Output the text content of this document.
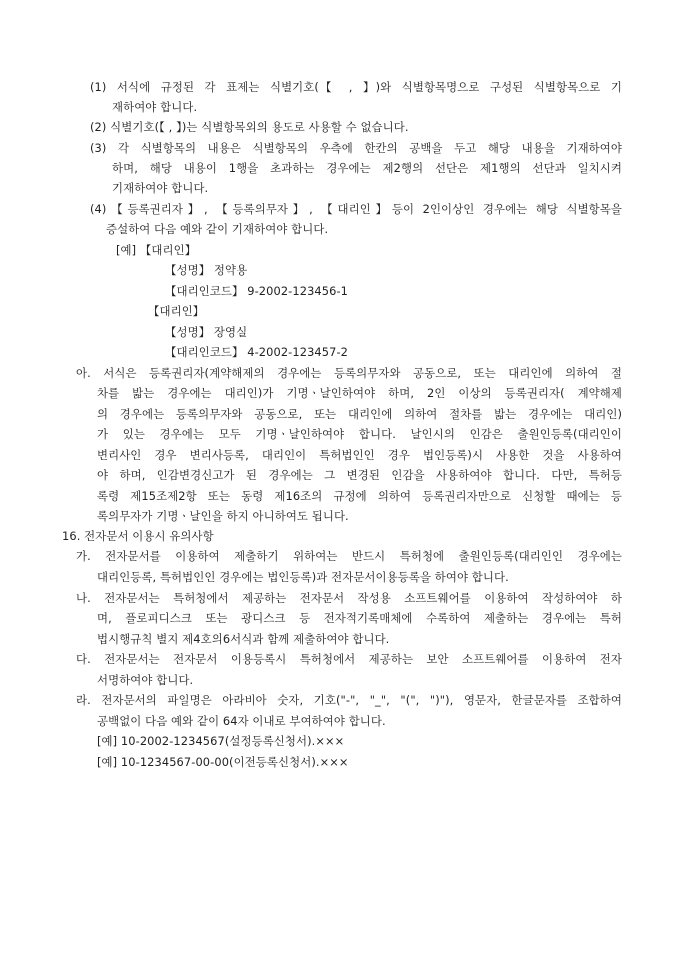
(1) 서식에 규정된 각 표제는 식별기호(【 , 】)와 식별항목명으로 구성된 식별항목으로 기
재하여야 합니다.
(2) 식별기호(【 , 】)는 식별항목외의 용도로 사용할 수 없습니다.
(3) 각 식별항목의 내용은 식별항목의 우측에 한칸의 공백을 두고 해당 내용을 기재하여야
하며, 해당 내용이 1행을 초과하는 경우에는 제2행의 선단은 제1행의 선단과 일치시켜
기재하여야 합니다.
(4)【등록권리자】, 【등록의무자】, 【대리인】등이 2인이상인 경우에는 해당 식별항목을
증설하여 다음 예와 같이 기재하여야 합니다.
[예] 【대리인】
【성명】 정약용
【대리인코드】 9-2002-123456-1
【대리인】
【성명】 장영실
【대리인코드】 4-2002-123457-2
아. 서식은 등록권리자(계약해제의 경우에는 등록의무자와 공동으로, 또는 대리인에 의하여 절
차를 밟는 경우에는 대리인)가 기명ㆍ날인하여야 하며, 2인 이상의 등록권리자( 계약해제
의 경우에는 등록의무자와 공동으로, 또는 대리인에 의하여 절차를 밟는 경우에는 대리인)
가 있는 경우에는 모두 기명ㆍ날인하여야 합니다. 날인시의 인감은 출원인등록(대리인이
변리사인 경우 변리사등록, 대리인이 특허법인인 경우 법인등록)시 사용한 것을 사용하여
야 하며, 인감변경신고가 된 경우에는 그 변경된 인감을 사용하여야 합니다. 다만, 특허등
록령 제15조제2항 또는 동령 제16조의 규정에 의하여 등록권리자만으로 신청할 때에는 등
록의무자가 기명ㆍ날인을 하지 아니하여도 됩니다.
16. 전자문서 이용시 유의사항
가. 전자문서를 이용하여 제출하기 위하여는 반드시 특허청에 출원인등록(대리인인 경우에는
대리인등록, 특허법인인 경우에는 법인등록)과 전자문서이용등록을 하여야 합니다.
나. 전자문서는 특허청에서 제공하는 전자문서 작성용 소프트웨어를 이용하여 작성하여야 하
며, 플로피디스크 또는 광디스크 등 전자적기록매체에 수록하여 제출하는 경우에는 특허
법시행규칙 별지 제4호의6서식과 함께 제출하여야 합니다.
다. 전자문서는 전자문서 이용등록시 특허청에서 제공하는 보안 소프트웨어를 이용하여 전자
서명하여야 합니다.
라. 전자문서의 파일명은 아라비아 숫자, 기호("-", "_", "(", ")"), 영문자, 한글문자를 조합하여
공백없이 다음 예와 같이 64자 이내로 부여하여야 합니다.
[예] 10-2002-1234567(설정등록신청서).×××
[예] 10-1234567-00-00(이전등록신청서).×××
